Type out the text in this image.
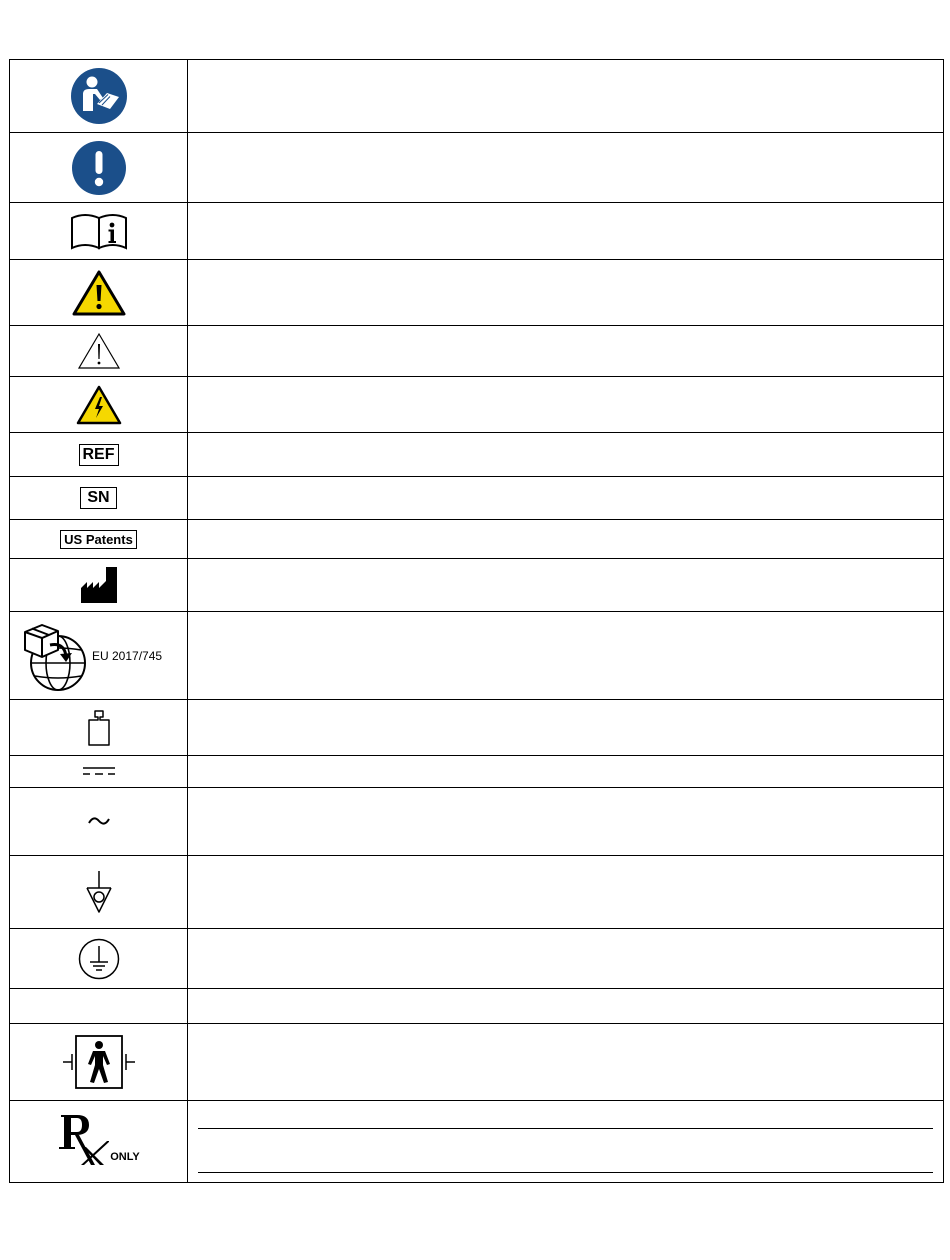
REF	
SN	
US Patents	

EU 2017/745	

ONLY	
